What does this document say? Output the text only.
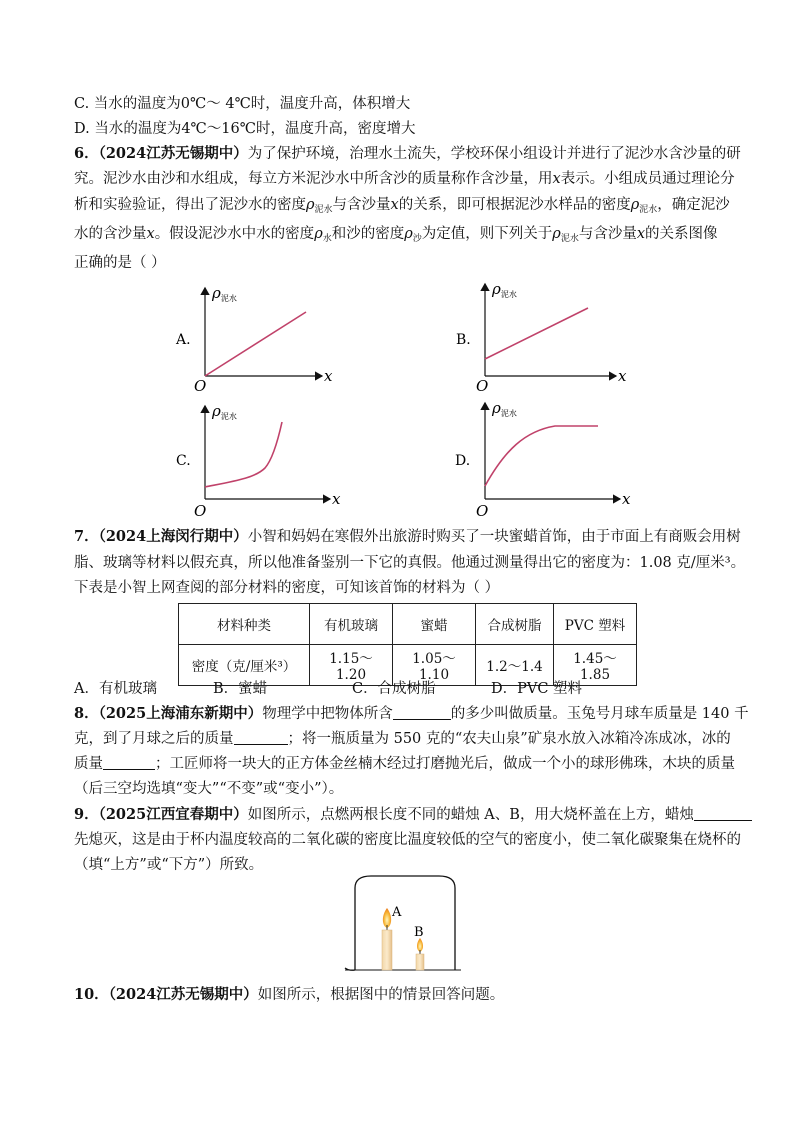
C. 当水的温度为0℃～ 4℃时，温度升高，体积增大
D. 当水的温度为4℃～16℃时，温度升高，密度增大
6．（2024江苏无锡期中）为了保护环境，治理水土流失，学校环保小组设计并进行了泥沙水含沙量的研
究。泥沙水由沙和水组成，每立方米泥沙水中所含沙的质量称作含沙量，用x表示。小组成员通过理论分
析和实验验证，得出了泥沙水的密度$\rho_{泥水}$与含沙量x的关系，即可根据泥沙水样品的密度$\rho_{泥水}$，确定泥沙
水的含沙量x。假设泥沙水中水的密度$\rho_水$和沙的密度$\rho_沙$为定值，则下列关于$\rho_{泥水}$与含沙量x的关系图像
正确的是（ ）
A.
$\rho_{泥水}$
x
O
B.
$\rho_{泥水}$
x
O
C.
$\rho_{泥水}$
x
O
D.
$\rho_{泥水}$
x
O
7．（2024上海闵行期中）小智和妈妈在寒假外出旅游时购买了一块蜜蜡首饰，由于市面上有商贩会用树
脂、玻璃等材料以假充真，所以他准备鉴别一下它的真假。他通过测量得出它的密度为：1.08 克/厘米³。
下表是小智上网查阅的部分材料的密度，可知该首饰的材料为（ ）
材料种类	有机玻璃	蜜蜡	合成树脂	PVC 塑料
密度（克/厘米³）	1.15～1.20	1.05～1.10	1.2～1.4	1.45～1.85
A．有机玻璃	B．蜜蜡	C．合成树脂	D．PVC 塑料
8．（2025上海浦东新期中）物理学中把物体所含	的多少叫做质量。玉兔号月球车质量是 140 千
克，到了月球之后的质量	；将一瓶质量为 550 克的“农夫山泉”矿泉水放入冰箱冷冻成冰，冰的
质量	；工匠师将一块大的正方体金丝楠木经过打磨抛光后，做成一个小的球形佛珠，木块的质量
（后三空均选填“变大”“不变”或“变小”）。
9．（2025江西宜春期中）如图所示，点燃两根长度不同的蜡烛 A、B，用大烧杯盖在上方，蜡烛
先熄灭，这是由于杯内温度较高的二氧化碳的密度比温度较低的空气的密度小，使二氧化碳聚集在烧杯的
（填“上方”或“下方”）所致。
A
B
10．（2024江苏无锡期中）如图所示，根据图中的情景回答问题。
